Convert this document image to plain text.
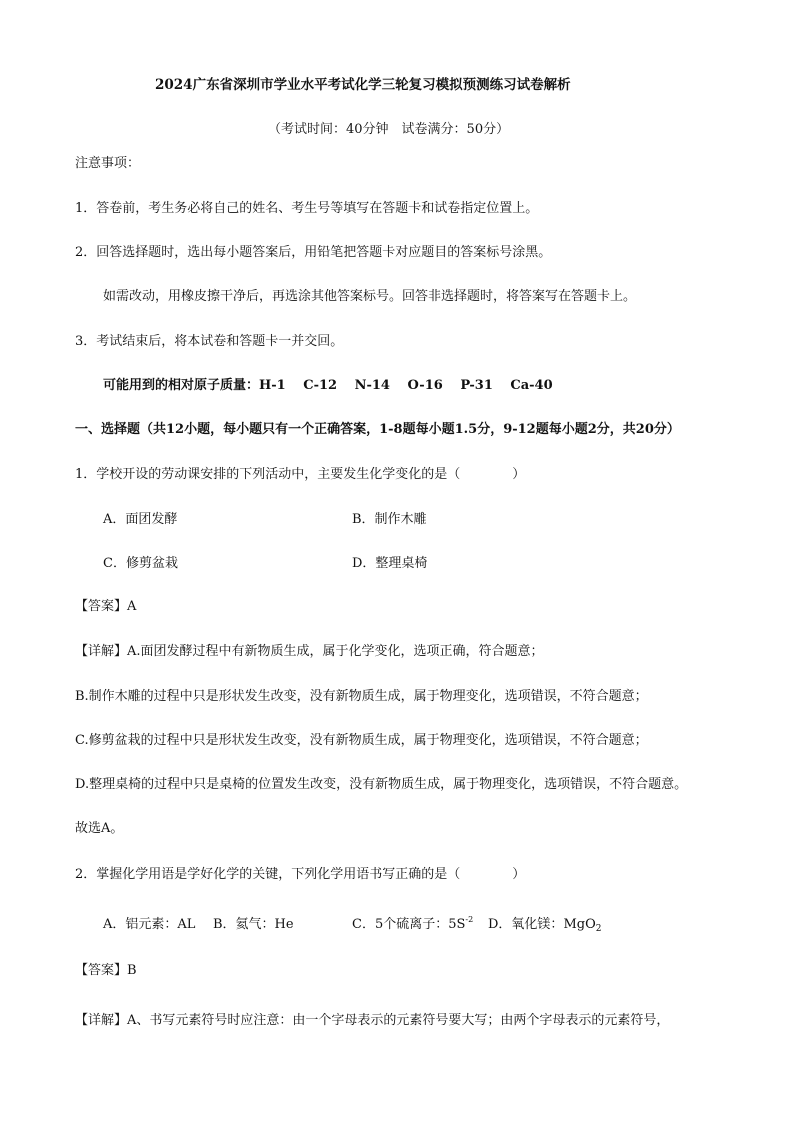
2024广东省深圳市学业水平考试化学三轮复习模拟预测练习试卷解析
（考试时间：40分钟　试卷满分：50分）
注意事项：
1．答卷前，考生务必将自己的姓名、考生号等填写在答题卡和试卷指定位置上。
2．回答选择题时，选出每小题答案后，用铅笔把答题卡对应题目的答案标号涂黑。
如需改动，用橡皮擦干净后，再选涂其他答案标号。回答非选择题时，将答案写在答题卡上。
3．考试结束后，将本试卷和答题卡一并交回。
可能用到的相对原子质量：H-1　 C-12　 N-14　 O-16　 P-31　 Ca-40
一、选择题（共12小题，每小题只有一个正确答案，1-8题每小题1.5分，9-12题每小题2分，共20分）
1．学校开设的劳动课安排的下列活动中，主要发生化学变化的是（　　　　）
A．面团发酵	B．制作木雕
C．修剪盆栽	D．整理桌椅
【答案】A
【详解】A.面团发酵过程中有新物质生成，属于化学变化，选项正确，符合题意；
B.制作木雕的过程中只是形状发生改变，没有新物质生成，属于物理变化，选项错误，不符合题意；
C.修剪盆栽的过程中只是形状发生改变，没有新物质生成，属于物理变化，选项错误，不符合题意；
D.整理桌椅的过程中只是桌椅的位置发生改变，没有新物质生成，属于物理变化，选项错误，不符合题意。
故选A。
2．掌握化学用语是学好化学的关键，下列化学用语书写正确的是（　　　　）
A．铝元素：AL B．氦气：He	C．5个硫离子：$5S^{-2}$ D．氧化镁：MgO$_2$
【答案】B
【详解】A、书写元素符号时应注意：由一个字母表示的元素符号要大写；由两个字母表示的元素符号，
